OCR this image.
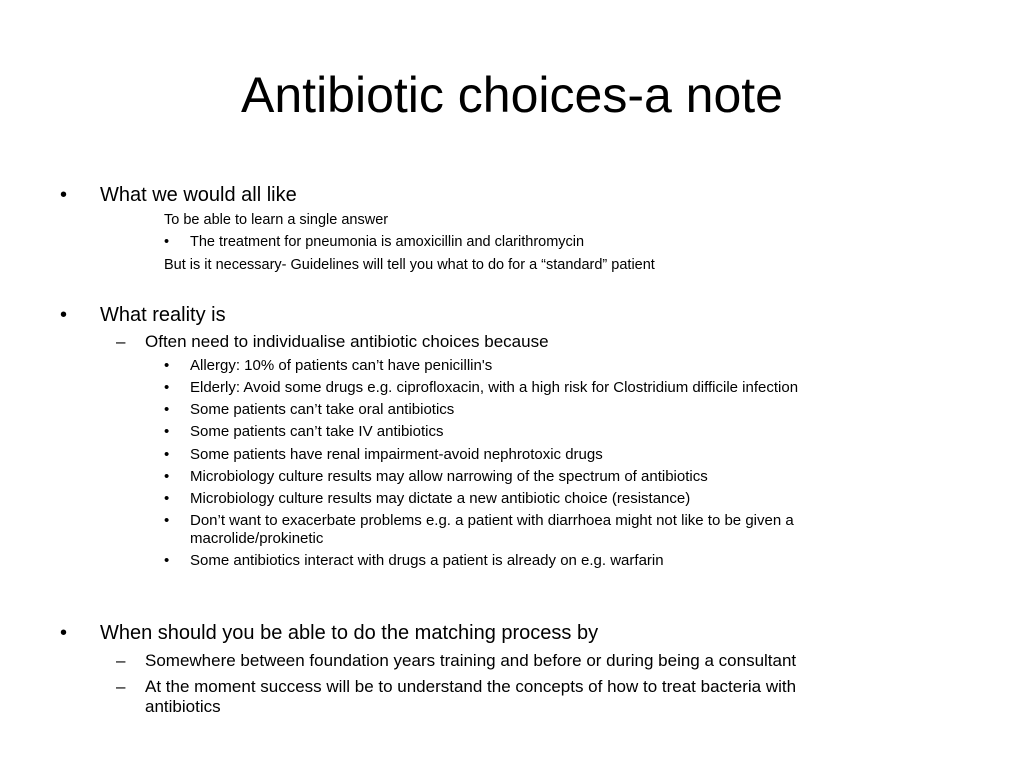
Antibiotic choices-a note
• What we would all like
To be able to learn a single answer
• The treatment for pneumonia is amoxicillin and clarithromycin
But is it necessary- Guidelines will tell you what to do for a “standard” patient
• What reality is
– Often need to individualise antibiotic choices because
• Allergy: 10% of patients can’t have penicillin's
• Elderly: Avoid some drugs e.g. ciprofloxacin, with a high risk for Clostridium difficile infection
• Some patients can’t take oral antibiotics
• Some patients can’t take IV antibiotics
• Some patients have renal impairment-avoid nephrotoxic drugs
• Microbiology culture results may allow narrowing of the spectrum of antibiotics
• Microbiology culture results may dictate a new antibiotic choice (resistance)
• Don’t want to exacerbate problems e.g. a patient with diarrhoea might not like to be given a
macrolide/prokinetic
• Some antibiotics interact with drugs a patient is already on e.g. warfarin
• When should you be able to do the matching process by
– Somewhere between foundation years training and before or during being a consultant
– At the moment success will be to understand the concepts of how to treat bacteria with
antibiotics
